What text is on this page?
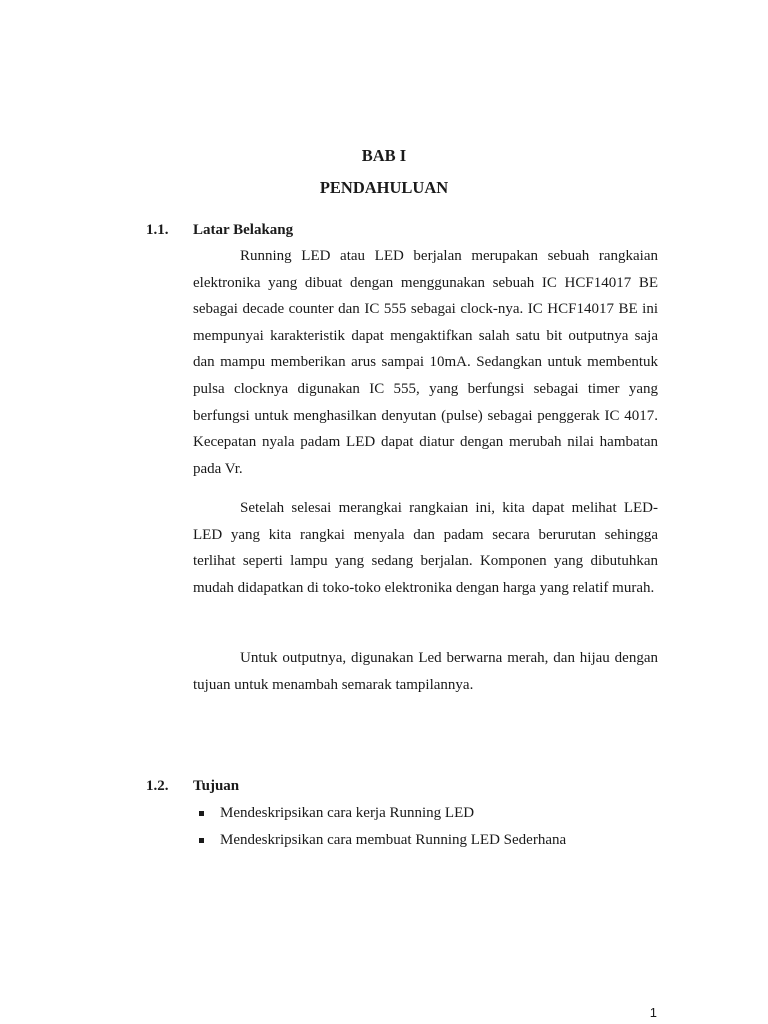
BAB I
PENDAHULUAN
1.1. Latar Belakang

Running LED atau LED berjalan merupakan sebuah rangkaian elektronika yang dibuat dengan menggunakan sebuah IC HCF14017 BE sebagai decade counter dan IC 555 sebagai clock-nya. IC HCF14017 BE ini mempunyai karakteristik dapat mengaktifkan salah satu bit outputnya saja dan mampu memberikan arus sampai 10mA. Sedangkan untuk membentuk pulsa clocknya digunakan IC 555, yang berfungsi sebagai timer yang berfungsi untuk menghasilkan denyutan (pulse) sebagai penggerak IC 4017. Kecepatan nyala padam LED dapat diatur dengan merubah nilai hambatan pada Vr.

Setelah selesai merangkai rangkaian ini, kita dapat melihat LED-LED yang kita rangkai menyala dan padam secara berurutan sehingga terlihat seperti lampu yang sedang berjalan. Komponen yang dibutuhkan mudah didapatkan di toko-toko elektronika dengan harga yang relatif murah.

Untuk outputnya, digunakan Led berwarna merah, dan hijau dengan tujuan untuk menambah semarak tampilannya.

1.2. Tujuan
Mendeskripsikan cara kerja Running LED
Mendeskripsikan cara membuat Running LED Sederhana
1
